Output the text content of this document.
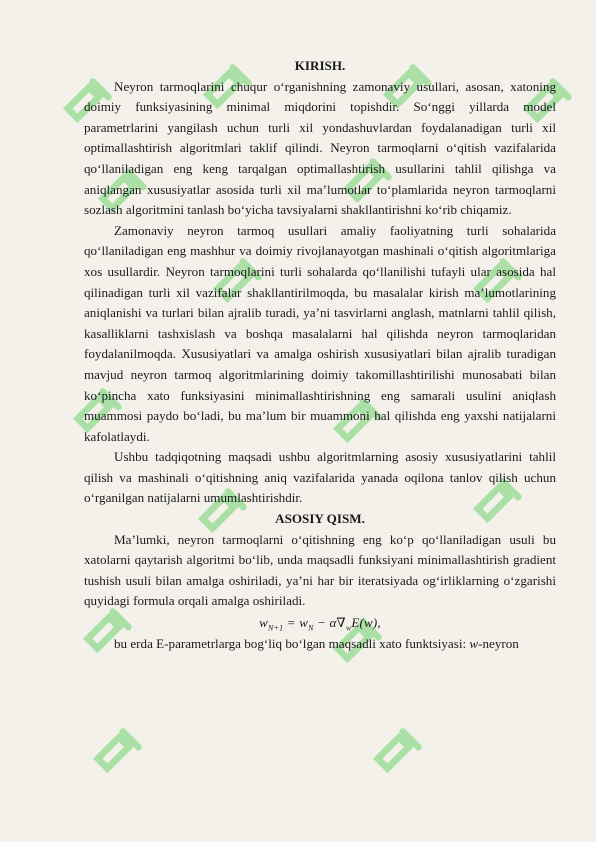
KIRISH.

Neyron tarmoqlarini chuqur o‘rganishning zamonaviy usullari, asosan, xatoning doimiy funksiyasining minimal miqdorini topishdir. So‘nggi yillarda model parametrlarini yangilash uchun turli xil yondashuvlardan foydalanadigan turli xil optimallashtirish algoritmlari taklif qilindi. Neyron tarmoqlarni o‘qitish vazifalarida qo‘llaniladigan eng keng tarqalgan optimallashtirish usullarini tahlil qilishga va aniqlangan xususiyatlar asosida turli xil ma’lumotlar to‘plamlarida neyron tarmoqlarni sozlash algoritmini tanlash bo‘yicha tavsiyalarni shakllantirishni ko‘rib chiqamiz.

Zamonaviy neyron tarmoq usullari amaliy faoliyatning turli sohalarida qo‘llaniladigan eng mashhur va doimiy rivojlanayotgan mashinali o‘qitish algoritmlariga xos usullardir. Neyron tarmoqlarini turli sohalarda qo‘llanilishi tufayli ular asosida hal qilinadigan turli xil vazifalar shakllantirilmoqda, bu masalalar kirish ma’lumotlarining aniqlanishi va turlari bilan ajralib turadi, ya’ni tasvirlarni anglash, matnlarni tahlil qilish, kasalliklarni tashxislash va boshqa masalalarni hal qilishda neyron tarmoqlaridan foydalanilmoqda. Xususiyatlari va amalga oshirish xususiyatlari bilan ajralib turadigan mavjud neyron tarmoq algoritmlarining doimiy takomillashtirilishi munosabati bilan ko‘pincha xato funksiyasini minimallashtirishning eng samarali usulini aniqlash muammosi paydo bo‘ladi, bu ma’lum bir muammoni hal qilishda eng yaxshi natijalarni kafolatlaydi.

Ushbu tadqiqotning maqsadi ushbu algoritmlarning asosiy xususiyatlarini tahlil qilish va mashinali o‘qitishning aniq vazifalarida yanada oqilona tanlov qilish uchun o‘rganilgan natijalarni umumlashtirishdir.

ASOSIY QISM.

Ma’lumki, neyron tarmoqlarni o‘qitishning eng ko‘p qo‘llaniladigan usuli bu xatolarni qaytarish algoritmi bo‘lib, unda maqsadli funksiyani minimallashtirish gradient tushish usuli bilan amalga oshiriladi, ya’ni har bir iteratsiyada og‘irliklarning o‘zgarishi quyidagi formula orqali amalga oshiriladi.

$w_{N+1} = w_N - \alpha\nabla_wE(w)$,

bu erda E-parametrlarga bog‘liq bo‘lgan maqsadli xato funktsiyasi: w-neyron
